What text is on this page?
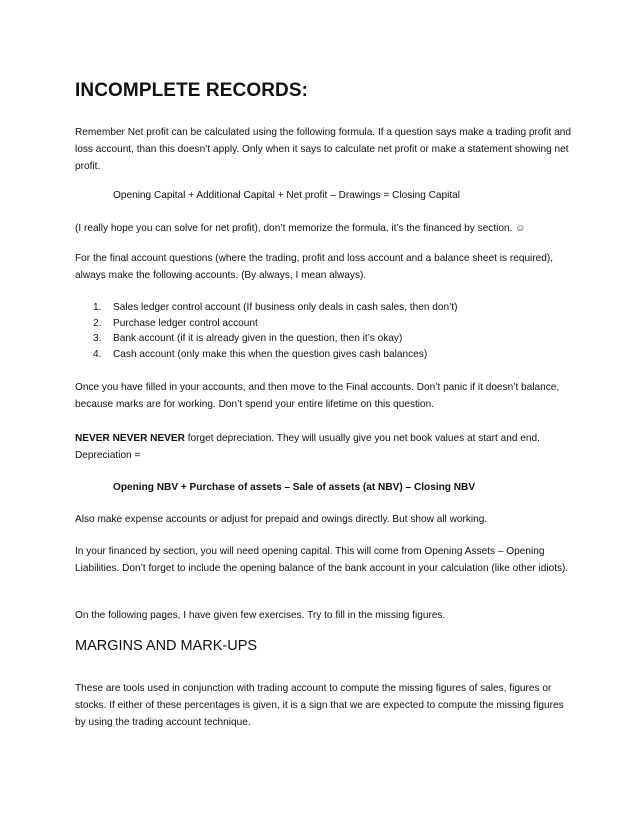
INCOMPLETE RECORDS:

Remember Net profit can be calculated using the following formula. If a question says make a trading profit and loss account, than this doesn’t apply. Only when it says to calculate net profit or make a statement showing net profit.

Opening Capital + Additional Capital + Net profit – Drawings = Closing Capital

(I really hope you can solve for net profit), don’t memorize the formula, it’s the financed by section. ☺

For the final account questions (where the trading, profit and loss account and a balance sheet is required), always make the following accounts. (By always, I mean always).

1. Sales ledger control account (If business only deals in cash sales, then don’t)
2. Purchase ledger control account
3. Bank account (if it is already given in the question, then it’s okay)
4. Cash account (only make this when the question gives cash balances)

Once you have filled in your accounts, and then move to the Final accounts. Don’t panic if it doesn’t balance, because marks are for working. Don’t spend your entire lifetime on this question.

NEVER NEVER NEVER forget depreciation. They will usually give you net book values at start and end. Depreciation =

Opening NBV + Purchase of assets – Sale of assets (at NBV) – Closing NBV

Also make expense accounts or adjust for prepaid and owings directly. But show all working.

In your financed by section, you will need opening capital. This will come from Opening Assets – Opening Liabilities. Don’t forget to include the opening balance of the bank account in your calculation (like other idiots).

On the following pages, I have given few exercises. Try to fill in the missing figures.

MARGINS AND MARK-UPS

These are tools used in conjunction with trading account to compute the missing figures of sales, figures or stocks. If either of these percentages is given, it is a sign that we are expected to compute the missing figures by using the trading account technique.
